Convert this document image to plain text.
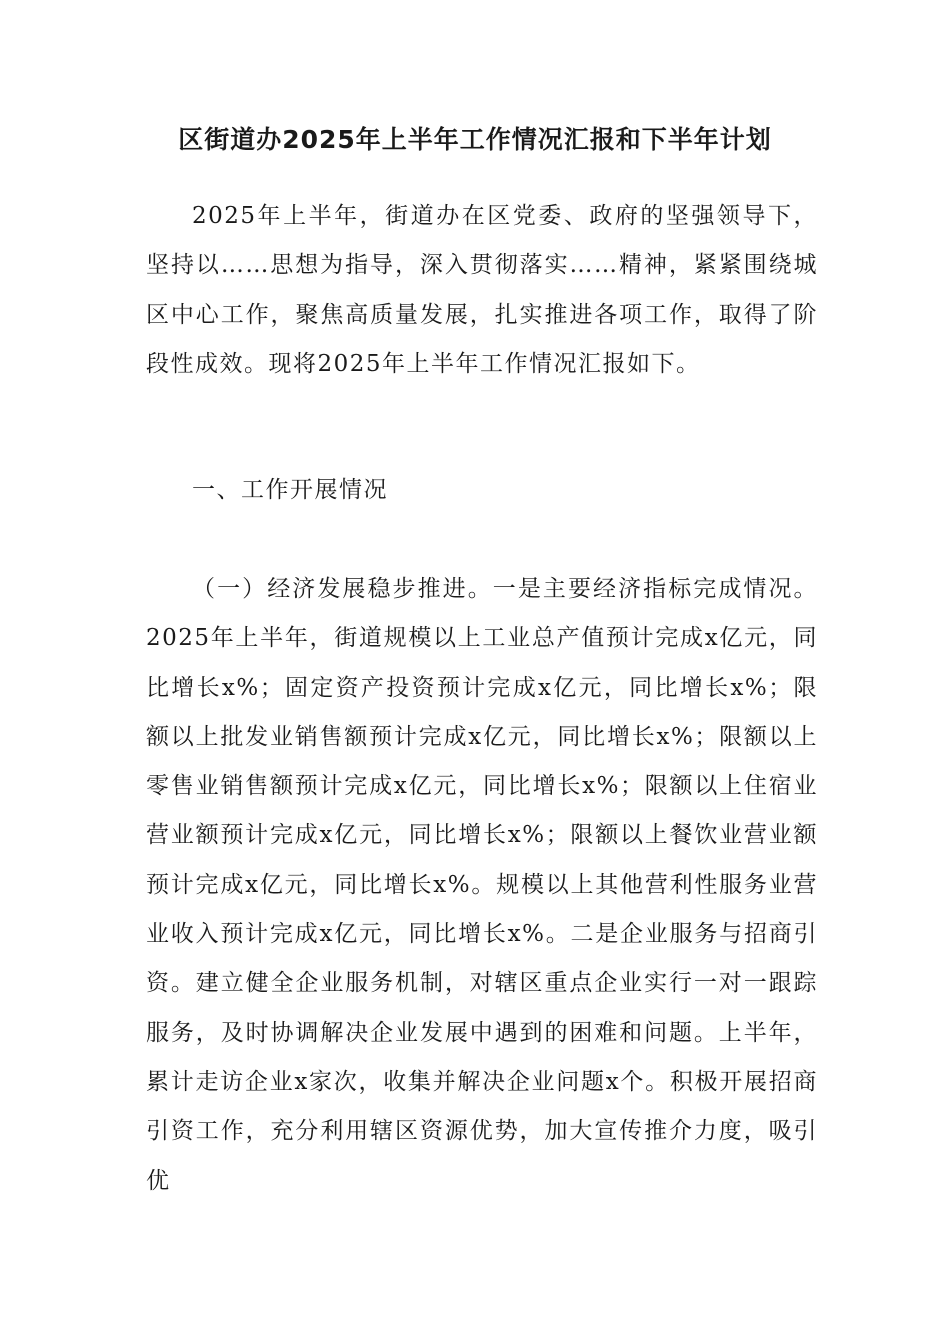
区街道办2025年上半年工作情况汇报和下半年计划

2025年上半年，街道办在区党委、政府的坚强领导下，坚持以……思想为指导，深入贯彻落实……精神，紧紧围绕城区中心工作，聚焦高质量发展，扎实推进各项工作，取得了阶段性成效。现将2025年上半年工作情况汇报如下。

一、工作开展情况

（一）经济发展稳步推进。一是主要经济指标完成情况。2025年上半年，街道规模以上工业总产值预计完成x亿元，同比增长x%；固定资产投资预计完成x亿元，同比增长x%；限额以上批发业销售额预计完成x亿元，同比增长x%；限额以上零售业销售额预计完成x亿元，同比增长x%；限额以上住宿业营业额预计完成x亿元，同比增长x%；限额以上餐饮业营业额预计完成x亿元，同比增长x%。规模以上其他营利性服务业营业收入预计完成x亿元，同比增长x%。二是企业服务与招商引资。建立健全企业服务机制，对辖区重点企业实行一对一跟踪服务，及时协调解决企业发展中遇到的困难和问题。上半年，累计走访企业x家次，收集并解决企业问题x个。积极开展招商引资工作，充分利用辖区资源优势，加大宣传推介力度，吸引优
